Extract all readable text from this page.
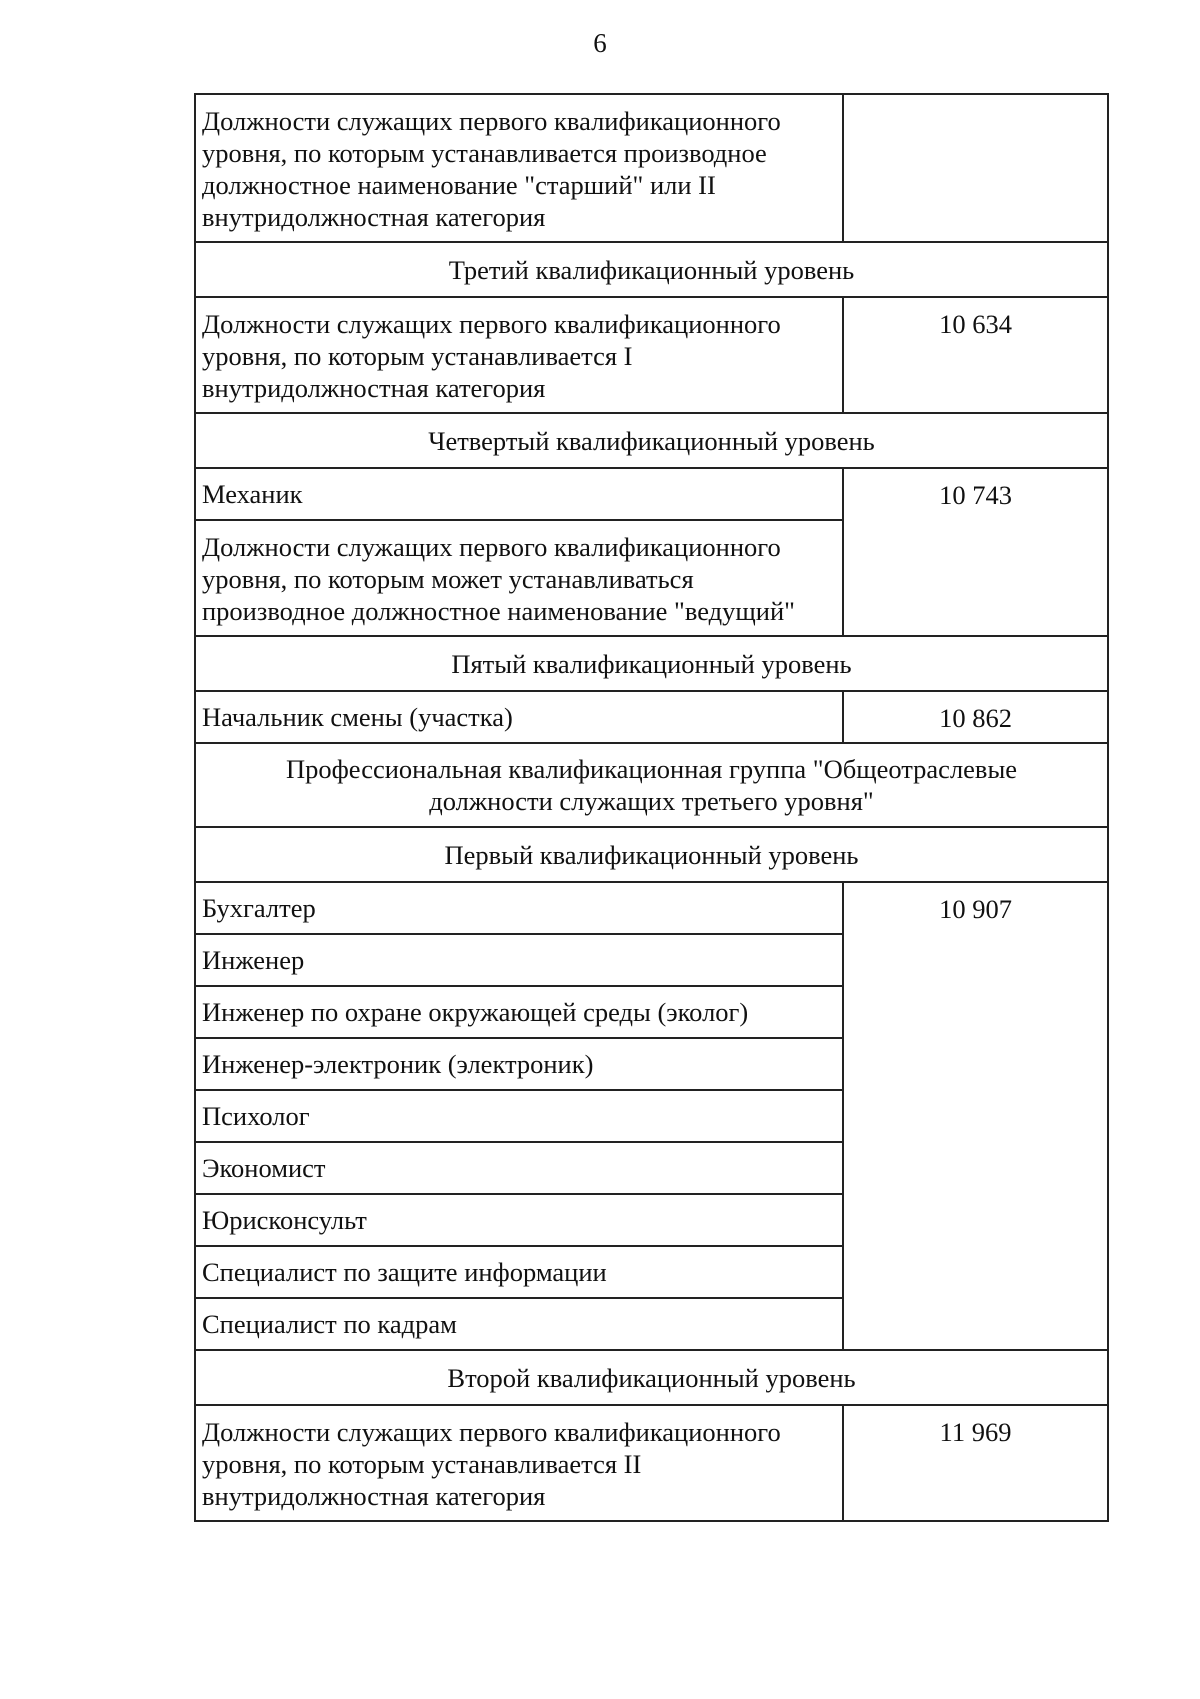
6
Должности служащих первого квалификационного уровня, по которым устанавливается производное должностное наименование "старший" или II внутридолжностная категория	
Третий квалификационный уровень	
Должности служащих первого квалификационного уровня, по которым устанавливается I внутридолжностная категория	10 634
Четвертый квалификационный уровень	
Механик	10 743
Должности служащих первого квалификационного уровня, по которым может устанавливаться производное должностное наименование "ведущий"	
Пятый квалификационный уровень	
Начальник смены (участка)	10 862
Профессиональная квалификационная группа "Общеотраслевые должности служащих третьего уровня"	
Первый квалификационный уровень	
Бухгалтер	10 907
Инженер	
Инженер по охране окружающей среды (эколог)	
Инженер-электроник (электроник)	
Психолог	
Экономист	
Юрисконсульт	
Специалист по защите информации	
Специалист по кадрам	
Второй квалификационный уровень	
Должности служащих первого квалификационного уровня, по которым устанавливается II внутридолжностная категория	11 969
